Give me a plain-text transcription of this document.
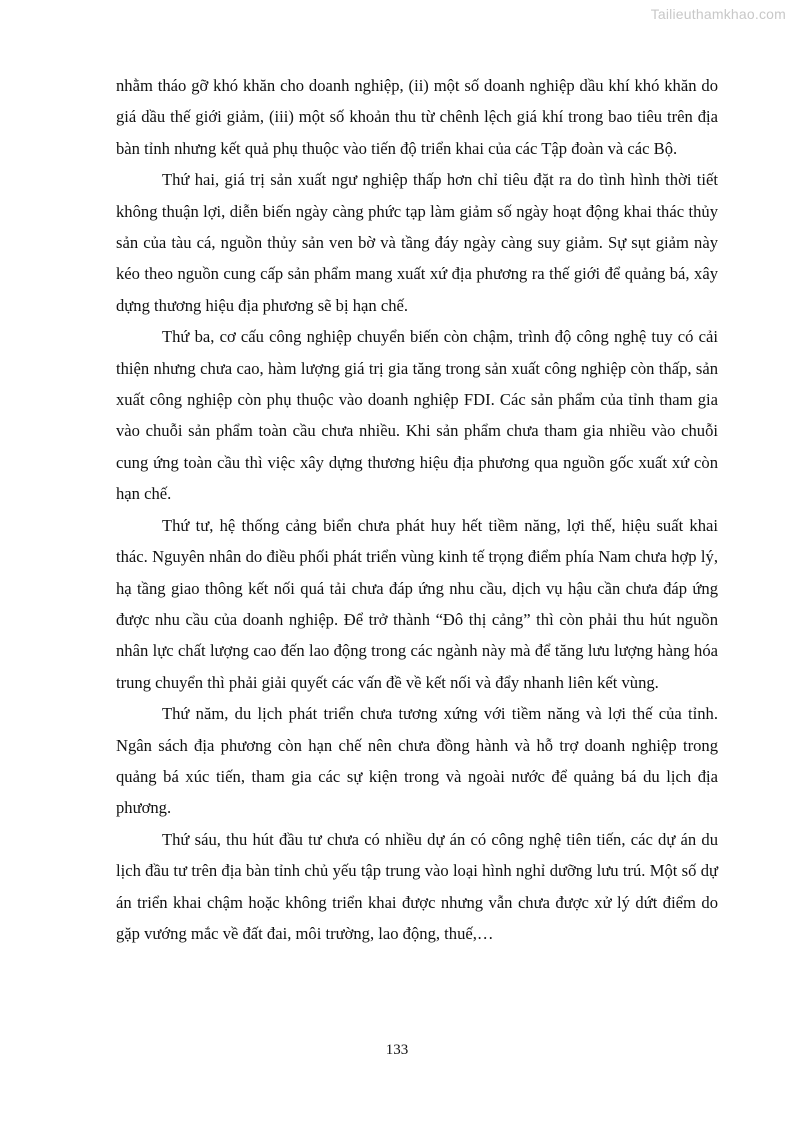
Tailieuthamkhao.com

nhằm tháo gỡ khó khăn cho doanh nghiệp, (ii) một số doanh nghiệp dầu khí khó khăn do giá dầu thế giới giảm, (iii) một số khoản thu từ chênh lệch giá khí trong bao tiêu trên địa bàn tỉnh nhưng kết quả phụ thuộc vào tiến độ triển khai của các Tập đoàn và các Bộ.

Thứ hai, giá trị sản xuất ngư nghiệp thấp hơn chỉ tiêu đặt ra do tình hình thời tiết không thuận lợi, diễn biến ngày càng phức tạp làm giảm số ngày hoạt động khai thác thủy sản của tàu cá, nguồn thủy sản ven bờ và tầng đáy ngày càng suy giảm. Sự sụt giảm này kéo theo nguồn cung cấp sản phẩm mang xuất xứ địa phương ra thế giới để quảng bá, xây dựng thương hiệu địa phương sẽ bị hạn chế.

Thứ ba, cơ cấu công nghiệp chuyển biến còn chậm, trình độ công nghệ tuy có cải thiện nhưng chưa cao, hàm lượng giá trị gia tăng trong sản xuất công nghiệp còn thấp, sản xuất công nghiệp còn phụ thuộc vào doanh nghiệp FDI. Các sản phẩm của tỉnh tham gia vào chuỗi sản phẩm toàn cầu chưa nhiều. Khi sản phẩm chưa tham gia nhiều vào chuỗi cung ứng toàn cầu thì việc xây dựng thương hiệu địa phương qua nguồn gốc xuất xứ còn hạn chế.

Thứ tư, hệ thống cảng biển chưa phát huy hết tiềm năng, lợi thế, hiệu suất khai thác. Nguyên nhân do điều phối phát triển vùng kinh tế trọng điểm phía Nam chưa hợp lý, hạ tầng giao thông kết nối quá tải chưa đáp ứng nhu cầu, dịch vụ hậu cần chưa đáp ứng được nhu cầu của doanh nghiệp. Để trở thành “Đô thị cảng” thì còn phải thu hút nguồn nhân lực chất lượng cao đến lao động trong các ngành này mà để tăng lưu lượng hàng hóa trung chuyển thì phải giải quyết các vấn đề về kết nối và đẩy nhanh liên kết vùng.

Thứ năm, du lịch phát triển chưa tương xứng với tiềm năng và lợi thế của tỉnh. Ngân sách địa phương còn hạn chế nên chưa đồng hành và hỗ trợ doanh nghiệp trong quảng bá xúc tiến, tham gia các sự kiện trong và ngoài nước để quảng bá du lịch địa phương.

Thứ sáu, thu hút đầu tư chưa có nhiều dự án có công nghệ tiên tiến, các dự án du lịch đầu tư trên địa bàn tỉnh chủ yếu tập trung vào loại hình nghỉ dưỡng lưu trú. Một số dự án triển khai chậm hoặc không triển khai được nhưng vẫn chưa được xử lý dứt điểm do gặp vướng mắc về đất đai, môi trường, lao động, thuế,…

133
